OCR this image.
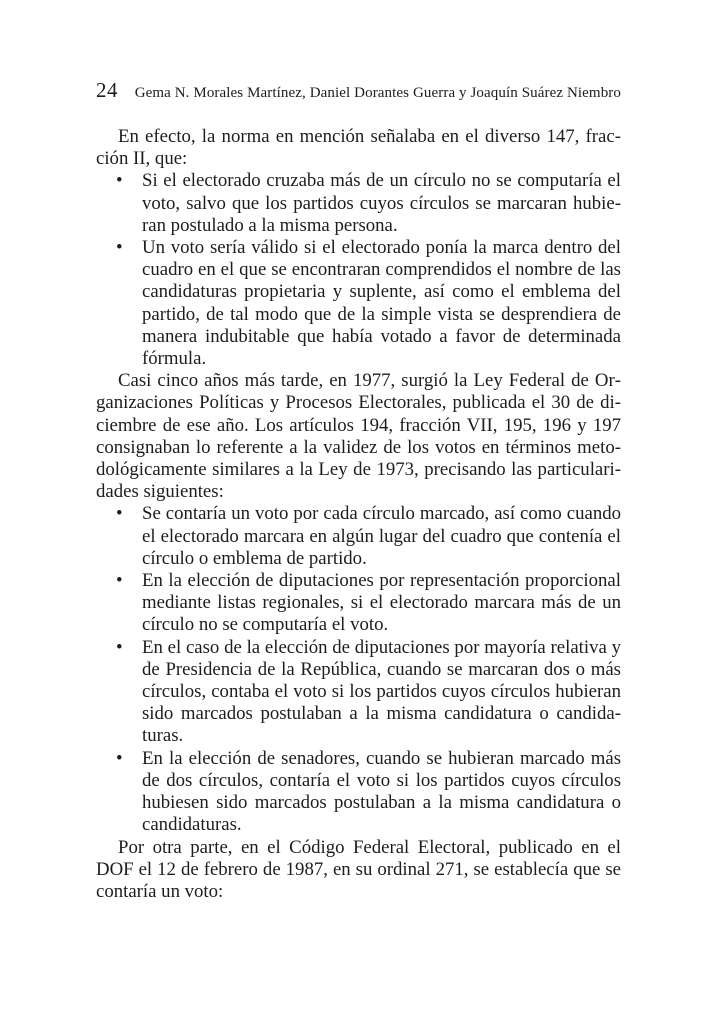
24	Gema N. Morales Martínez, Daniel Dorantes Guerra y Joaquín Suárez Niembro

En efecto, la norma en mención señalaba en el diverso 147, fracción II, que:

•	Si el electorado cruzaba más de un círculo no se computaría el voto, salvo que los partidos cuyos círculos se marcaran hubieran postulado a la misma persona.
•	Un voto sería válido si el electorado ponía la marca dentro del cuadro en el que se encontraran comprendidos el nombre de las candidaturas propietaria y suplente, así como el emblema del partido, de tal modo que de la simple vista se desprendiera de manera indubitable que había votado a favor de determinada fórmula.

Casi cinco años más tarde, en 1977, surgió la Ley Federal de Organizaciones Políticas y Procesos Electorales, publicada el 30 de diciembre de ese año. Los artículos 194, fracción VII, 195, 196 y 197 consignaban lo referente a la validez de los votos en términos metodológicamente similares a la Ley de 1973, precisando las particularidades siguientes:

•	Se contaría un voto por cada círculo marcado, así como cuando el electorado marcara en algún lugar del cuadro que contenía el círculo o emblema de partido.
•	En la elección de diputaciones por representación proporcional mediante listas regionales, si el electorado marcara más de un círculo no se computaría el voto.
•	En el caso de la elección de diputaciones por mayoría relativa y de Presidencia de la República, cuando se marcaran dos o más círculos, contaba el voto si los partidos cuyos círculos hubieran sido marcados postulaban a la misma candidatura o candidaturas.
•	En la elección de senadores, cuando se hubieran marcado más de dos círculos, contaría el voto si los partidos cuyos círculos hubiesen sido marcados postulaban a la misma candidatura o candidaturas.

Por otra parte, en el Código Federal Electoral, publicado en el DOF el 12 de febrero de 1987, en su ordinal 271, se establecía que se contaría un voto:
